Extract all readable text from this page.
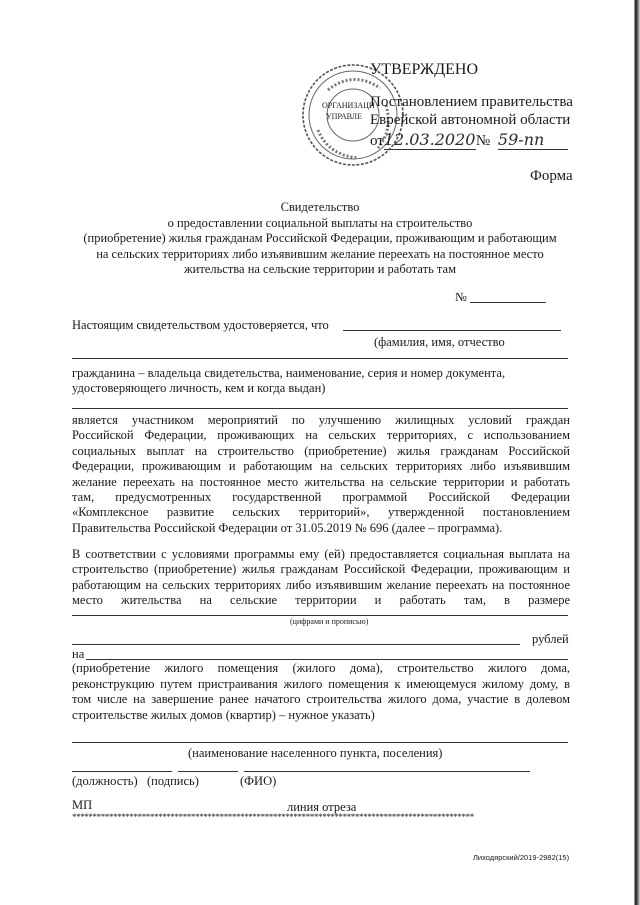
ОРГАНИЗАЦИ
УПРАВЛЕ
УТВЕРЖДЕНО
Постановлением правительства
Еврейской автономной области
от12.03.2020№ 59-пп
Форма
Свидетельство
о предоставлении социальной выплаты на строительство
(приобретение) жилья гражданам Российской Федерации, проживающим и работающим
на сельских территориях либо изъявившим желание переехать на постоянное место
жительства на сельские территории и работать там
№
Настоящим свидетельством удостоверяется, что
(фамилия, имя, отчество
гражданина – владельца свидетельства, наименование, серия и номер документа,
удостоверяющего личность, кем и когда выдан)
является участником мероприятий по улучшению жилищных условий граждан
Российской Федерации, проживающих на сельских территориях, с использованием
социальных выплат на строительство (приобретение) жилья гражданам Российской
Федерации, проживающим и работающим на сельских территориях либо изъявившим
желание переехать на постоянное место жительства на сельские территории и работать
там, предусмотренных государственной программой Российской Федерации
«Комплексное развитие сельских территорий», утвержденной постановлением
Правительства Российской Федерации от 31.05.2019 № 696 (далее – программа).
В соответствии с условиями программы ему (ей) предоставляется социальная выплата на
строительство (приобретение) жилья гражданам Российской Федерации, проживающим и
работающим на сельских территориях либо изъявившим желание переехать на постоянное
место жительства на сельские территории и работать там, в размере
(цифрами и прописью)
рублей
на
(приобретение жилого помещения (жилого дома), строительство жилого дома,
реконструкцию путем пристраивания жилого помещения к имеющемуся жилому дому, в
том числе на завершение ранее начатого строительства жилого дома, участие в долевом
строительстве жилых домов (квартир) – нужное указать)
(наименование населенного пункта, поселения)
(должность) (подпись)	(ФИО)
МП	линия отреза
**************************************************************************************************
Лиходярский/2019-2982(15)
